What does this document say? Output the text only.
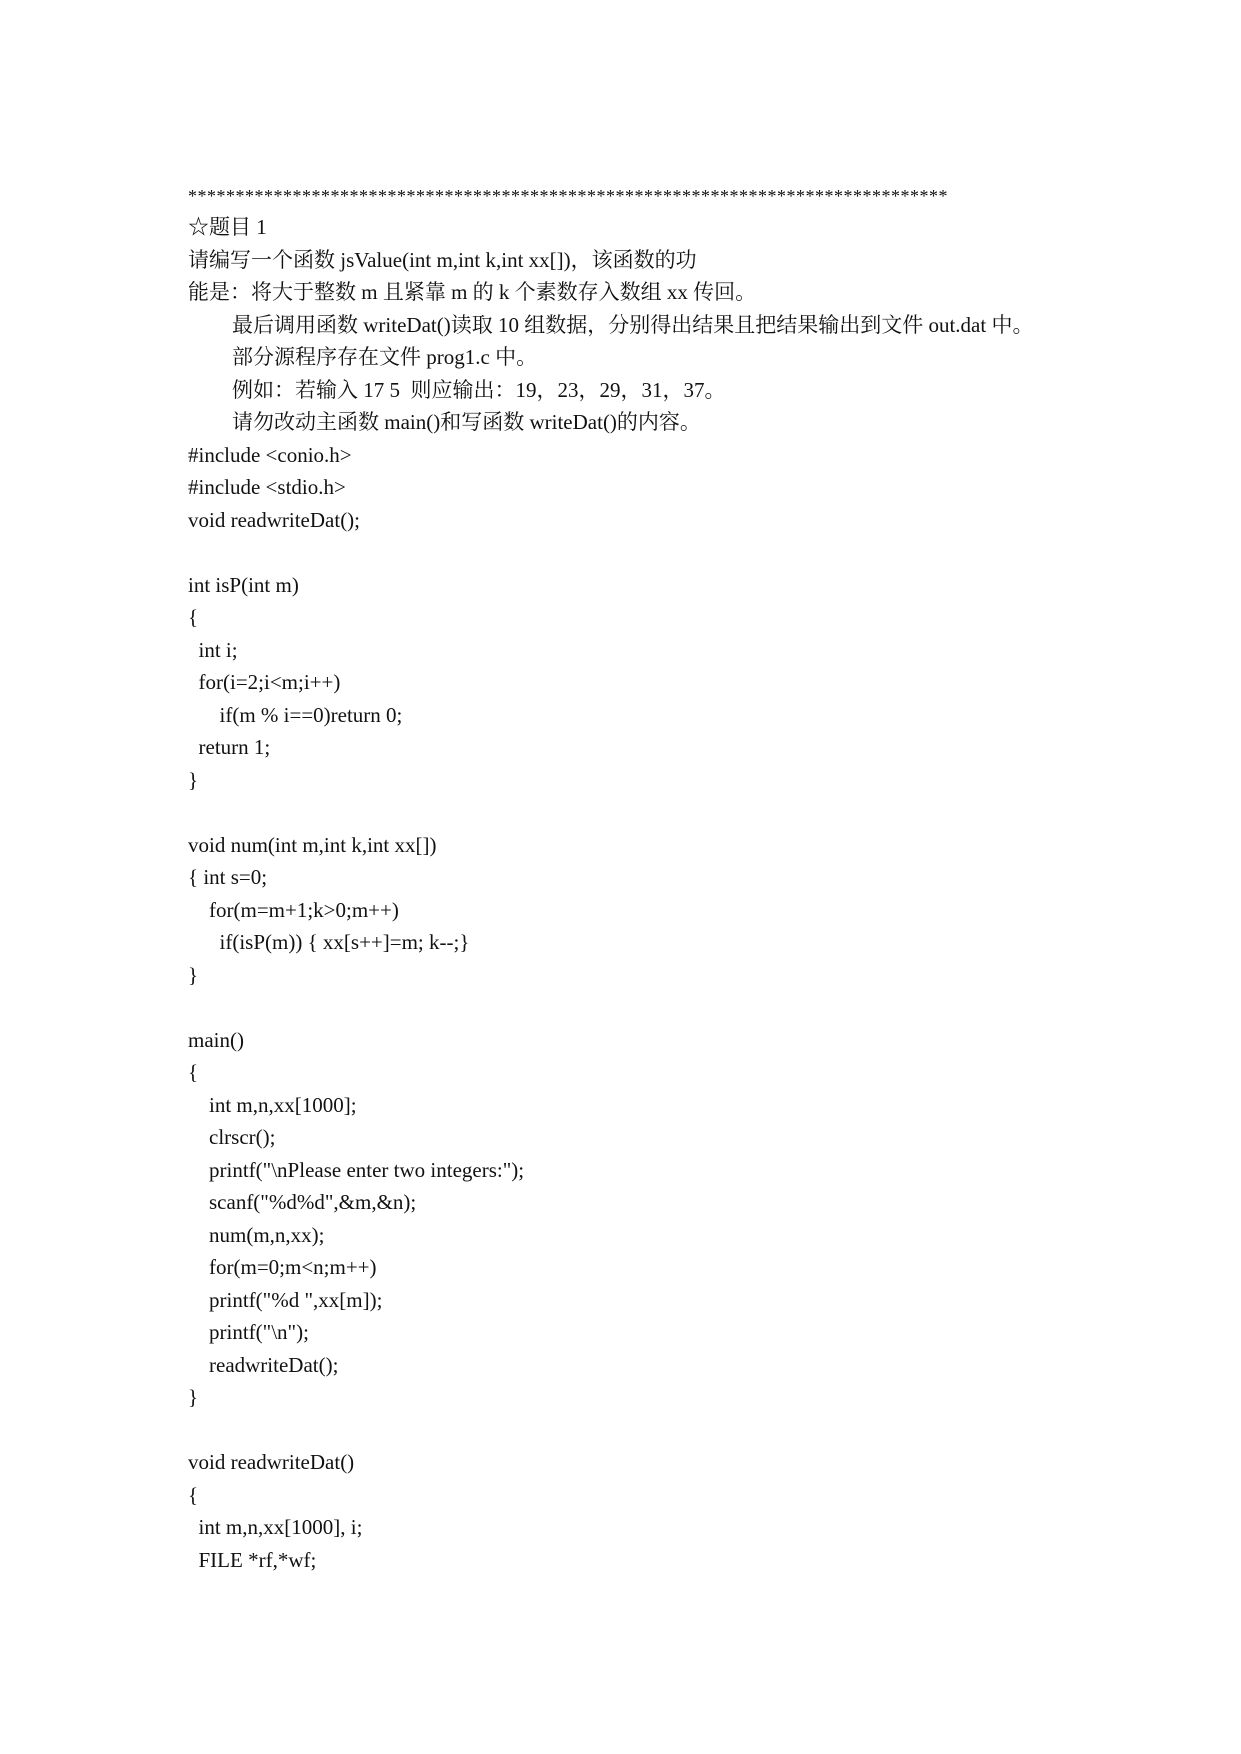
********************************************************************************
☆题目 1
请编写一个函数 jsValue(int m,int k,int xx[])，该函数的功
能是：将大于整数 m 且紧靠 m 的 k 个素数存入数组 xx 传回。
最后调用函数 writeDat()读取 10 组数据，分别得出结果且把结果输出到文件 out.dat 中。
部分源程序存在文件 prog1.c 中。
例如：若输入 17 5  则应输出：19，23，29，31，37。
请勿改动主函数 main()和写函数 writeDat()的内容。
#include <conio.h>
#include <stdio.h>
void readwriteDat();
int isP(int m)
{
int i;
for(i=2;i<m;i++)
if(m % i==0)return 0;
return 1;
}
void num(int m,int k,int xx[])
{ int s=0;
for(m=m+1;k>0;m++)
if(isP(m)) { xx[s++]=m; k--;}
}
main()
{
int m,n,xx[1000];
clrscr();
printf("\nPlease enter two integers:");
scanf("%d%d",&m,&n);
num(m,n,xx);
for(m=0;m<n;m++)
printf("%d ",xx[m]);
printf("\n");
readwriteDat();
}
void readwriteDat()
{
int m,n,xx[1000], i;
FILE *rf,*wf;
